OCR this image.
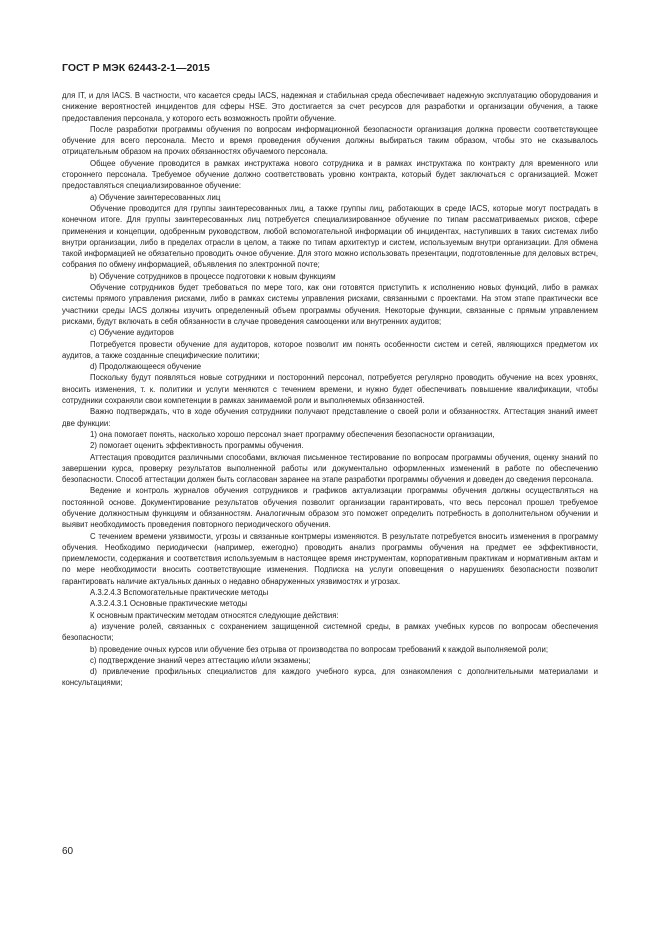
ГОСТ Р МЭК 62443-2-1—2015

для IT, и для IACS. В частности, что касается среды IACS, надежная и стабильная среда обеспечивает надежную эксплуатацию оборудования и снижение вероятностей инцидентов для сферы HSE. Это достигается за счет ресурсов для разработки и организации обучения, а также предоставления персонала, у которого есть возможность пройти обучение.

После разработки программы обучения по вопросам информационной безопасности организация должна провести соответствующее обучение для всего персонала. Место и время проведения обучения должны выбираться таким образом, чтобы это не сказывалось отрицательным образом на прочих обязанностях обучаемого персонала.

Общее обучение проводится в рамках инструктажа нового сотрудника и в рамках инструктажа по контракту для временного или стороннего персонала. Требуемое обучение должно соответствовать уровню контракта, который будет заключаться с организацией. Может предоставляться специализированное обучение:

a) Обучение заинтересованных лиц

Обучение проводится для группы заинтересованных лиц, а также группы лиц, работающих в среде IACS, которые могут пострадать в конечном итоге. Для группы заинтересованных лиц потребуется специализированное обучение по типам рассматриваемых рисков, сфере применения и концепции, одобренным руководством, любой вспомогательной информации об инцидентах, наступивших в таких системах либо внутри организации, либо в пределах отрасли в целом, а также по типам архитектур и систем, используемым внутри организации. Для обмена такой информацией не обязательно проводить очное обучение. Для этого можно использовать презентации, подготовленные для деловых встреч, собрания по обмену информацией, объявления по электронной почте;

b) Обучение сотрудников в процессе подготовки к новым функциям

Обучение сотрудников будет требоваться по мере того, как они готовятся приступить к исполнению новых функций, либо в рамках системы прямого управления рисками, либо в рамках системы управления рисками, связанными с проектами. На этом этапе практически все участники среды IACS должны изучить определенный объем программы обучения. Некоторые функции, связанные с прямым управлением рисками, будут включать в себя обязанности в случае проведения самооценки или внутренних аудитов;

c) Обучение аудиторов

Потребуется провести обучение для аудиторов, которое позволит им понять особенности систем и сетей, являющихся предметом их аудитов, а также созданные специфические политики;

d) Продолжающееся обучение

Поскольку будут появляться новые сотрудники и посторонний персонал, потребуется регулярно проводить обучение на всех уровнях, вносить изменения, т. к. политики и услуги меняются с течением времени, и нужно будет обеспечивать повышение квалификации, чтобы сотрудники сохраняли свои компетенции в рамках занимаемой роли и выполняемых обязанностей.

Важно подтверждать, что в ходе обучения сотрудники получают представление о своей роли и обязанностях. Аттестация знаний имеет две функции:

1) она помогает понять, насколько хорошо персонал знает программу обеспечения безопасности организации,

2) помогает оценить эффективность программы обучения.

Аттестация проводится различными способами, включая письменное тестирование по вопросам программы обучения, оценку знаний по завершении курса, проверку результатов выполненной работы или документально оформленных изменений в работе по обеспечению безопасности. Способ аттестации должен быть согласован заранее на этапе разработки программы обучения и доведен до сведения персонала.

Ведение и контроль журналов обучения сотрудников и графиков актуализации программы обучения должны осуществляться на постоянной основе. Документирование результатов обучения позволит организации гарантировать, что весь персонал прошел требуемое обучение должностным функциям и обязанностям. Аналогичным образом это поможет определить потребность в дополнительном обучении и выявит необходимость проведения повторного периодического обучения.

С течением времени уязвимости, угрозы и связанные контрмеры изменяются. В результате потребуется вносить изменения в программу обучения. Необходимо периодически (например, ежегодно) проводить анализ программы обучения на предмет ее эффективности, приемлемости, содержания и соответствия используемым в настоящее время инструментам, корпоративным практикам и нормативным актам и по мере необходимости вносить соответствующие изменения. Подписка на услуги оповещения о нарушениях безопасности позволит гарантировать наличие актуальных данных о недавно обнаруженных уязвимостях и угрозах.

A.3.2.4.3 Вспомогательные практические методы

A.3.2.4.3.1 Основные практические методы

К основным практическим методам относятся следующие действия:

a) изучение ролей, связанных с сохранением защищенной системной среды, в рамках учебных курсов по вопросам обеспечения безопасности;

b) проведение очных курсов или обучение без отрыва от производства по вопросам требований к каждой выполняемой роли;

c) подтверждение знаний через аттестацию и/или экзамены;

d) привлечение профильных специалистов для каждого учебного курса, для ознакомления с дополнительными материалами и консультациями;

60
